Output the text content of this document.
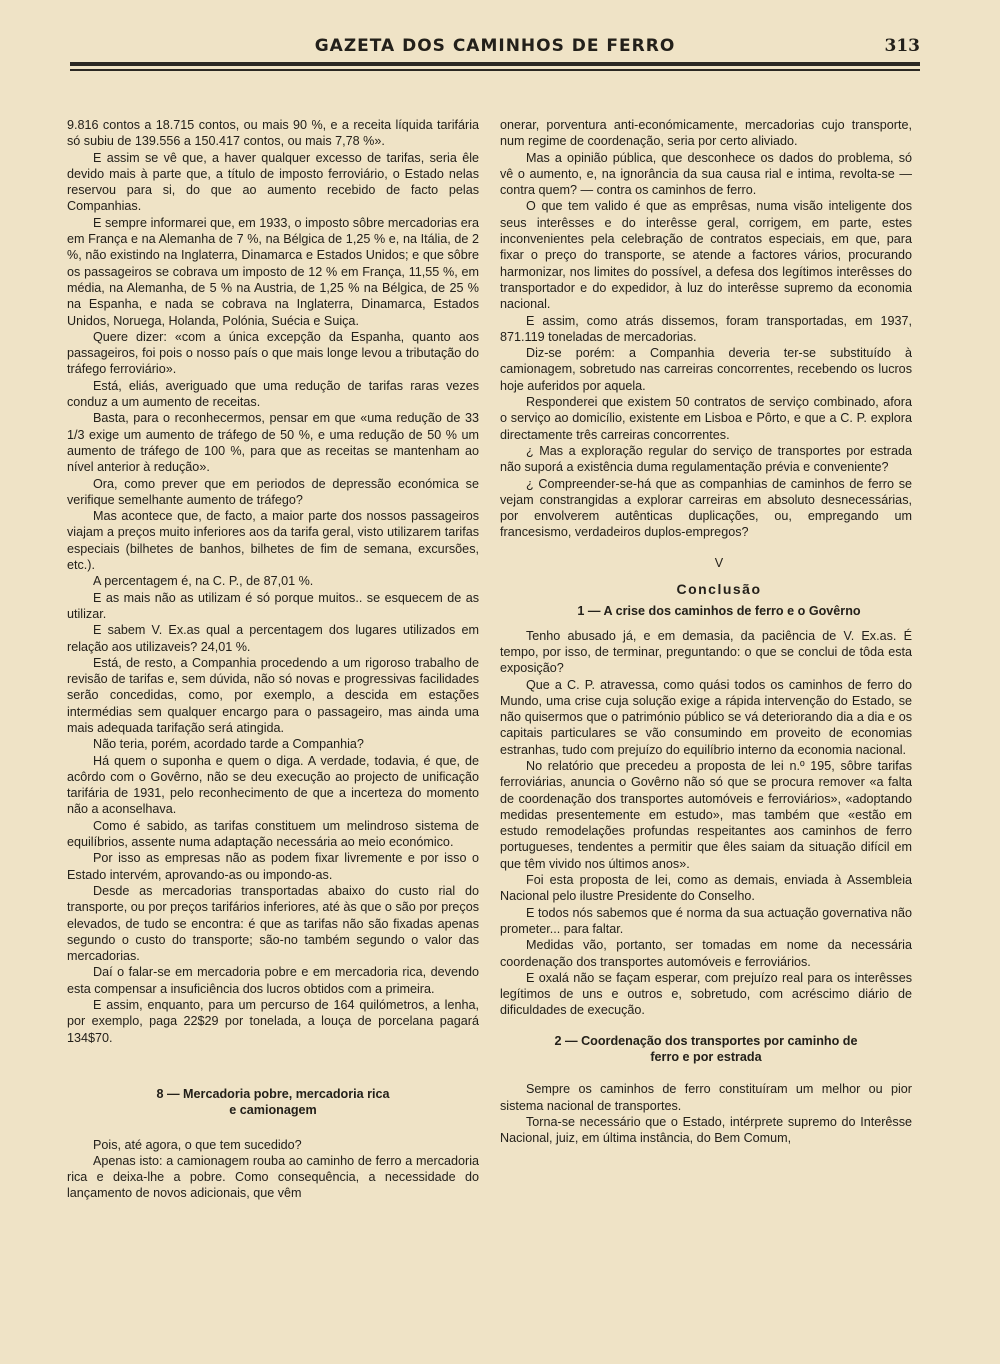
GAZETA DOS CAMINHOS DE FERRO	313

9.816 contos a 18.715 contos, ou mais 90 %, e a receita líquida tarifária só subiu de 139.556 a 150.417 contos, ou mais 7,78 %».

E assim se vê que, a haver qualquer excesso de tarifas, seria êle devido mais à parte que, a título de imposto ferroviário, o Estado nelas reservou para si, do que ao aumento recebido de facto pelas Companhias.

E sempre informarei que, em 1933, o imposto sôbre mercadorias era em França e na Alemanha de 7 %, na Bélgica de 1,25 % e, na Itália, de 2 %, não existindo na Inglaterra, Dinamarca e Estados Unidos; e que sôbre os passageiros se cobrava um imposto de 12 % em França, 11,55 %, em média, na Alemanha, de 5 % na Austria, de 1,25 % na Bélgica, de 25 % na Espanha, e nada se cobrava na Inglaterra, Dinamarca, Estados Unidos, Noruega, Holanda, Polónia, Suécia e Suiça.

Quere dizer: «com a única excepção da Espanha, quanto aos passageiros, foi pois o nosso país o que mais longe levou a tributação do tráfego ferroviário».

Está, eliás, averiguado que uma redução de tarifas raras vezes conduz a um aumento de receitas.

Basta, para o reconhecermos, pensar em que «uma redução de 33 1/3 exige um aumento de tráfego de 50 %, e uma redução de 50 % um aumento de tráfego de 100 %, para que as receitas se mantenham ao nível anterior à redução».

Ora, como prever que em periodos de depressão económica se verifique semelhante aumento de tráfego?

Mas acontece que, de facto, a maior parte dos nossos passageiros viajam a preços muito inferiores aos da tarifa geral, visto utilizarem tarifas especiais (bilhetes de banhos, bilhetes de fim de semana, excursões, etc.).

A percentagem é, na C. P., de 87,01 %.

E as mais não as utilizam é só porque muitos.. se esquecem de as utilizar.

E sabem V. Ex.as qual a percentagem dos lugares utilizados em relação aos utilizaveis? 24,01 %.

Está, de resto, a Companhia procedendo a um rigoroso trabalho de revisão de tarifas e, sem dúvida, não só novas e progressivas facilidades serão concedidas, como, por exemplo, a descida em estações intermédias sem qualquer encargo para o passageiro, mas ainda uma mais adequada tarifação será atingida.

Não teria, porém, acordado tarde a Companhia?

Há quem o suponha e quem o diga. A verdade, todavia, é que, de acôrdo com o Govêrno, não se deu execução ao projecto de unificação tarifária de 1931, pelo reconhecimento de que a incerteza do momento não a aconselhava.

Como é sabido, as tarifas constituem um melindroso sistema de equilíbrios, assente numa adaptação necessária ao meio económico.

Por isso as empresas não as podem fixar livremente e por isso o Estado intervém, aprovando-as ou impondo-as.

Desde as mercadorias transportadas abaixo do custo rial do transporte, ou por preços tarifários inferiores, até às que o são por preços elevados, de tudo se encontra: é que as tarifas não são fixadas apenas segundo o custo do transporte; são-no também segundo o valor das mercadorias.

Daí o falar-se em mercadoria pobre e em mercadoria rica, devendo esta compensar a insuficiência dos lucros obtidos com a primeira.

E assim, enquanto, para um percurso de 164 quilómetros, a lenha, por exemplo, paga 22$29 por tonelada, a louça de porcelana pagará 134$70.

8 — Mercadoria pobre, mercadoria rica
e camionagem

Pois, até agora, o que tem sucedido?

Apenas isto: a camionagem rouba ao caminho de ferro a mercadoria rica e deixa-lhe a pobre. Como consequência, a necessidade do lançamento de novos adicionais, que vêm

onerar, porventura anti-económicamente, mercadorias cujo transporte, num regime de coordenação, seria por certo aliviado.

Mas a opinião pública, que desconhece os dados do problema, só vê o aumento, e, na ignorância da sua causa rial e intima, revolta-se — contra quem? — contra os caminhos de ferro.

O que tem valido é que as emprêsas, numa visão inteligente dos seus interêsses e do interêsse geral, corrigem, em parte, estes inconvenientes pela celebração de contratos especiais, em que, para fixar o preço do transporte, se atende a factores vários, procurando harmonizar, nos limites do possível, a defesa dos legítimos interêsses do transportador e do expedidor, à luz do interêsse supremo da economia nacional.

E assim, como atrás dissemos, foram transportadas, em 1937, 871.119 toneladas de mercadorias.

Diz-se porém: a Companhia deveria ter-se substituído à camionagem, sobretudo nas carreiras concorrentes, recebendo os lucros hoje auferidos por aquela.

Responderei que existem 50 contratos de serviço combinado, afora o serviço ao domicílio, existente em Lisboa e Pôrto, e que a C. P. explora directamente três carreiras concorrentes.

¿ Mas a exploração regular do serviço de transportes por estrada não suporá a existência duma regulamentação prévia e conveniente?

¿ Compreender-se-há que as companhias de caminhos de ferro se vejam constrangidas a explorar carreiras em absoluto desnecessárias, por envolverem autênticas duplicações, ou, empregando um francesismo, verdadeiros duplos-empregos?

V

Conclusão

1 — A crise dos caminhos de ferro e o Govêrno

Tenho abusado já, e em demasia, da paciência de V. Ex.as. É tempo, por isso, de terminar, preguntando: o que se conclui de tôda esta exposição?

Que a C. P. atravessa, como quási todos os caminhos de ferro do Mundo, uma crise cuja solução exige a rápida intervenção do Estado, se não quisermos que o património público se vá deteriorando dia a dia e os capitais particulares se vão consumindo em proveito de economias estranhas, tudo com prejuízo do equilíbrio interno da economia nacional.

No relatório que precedeu a proposta de lei n.º 195, sôbre tarifas ferroviárias, anuncia o Govêrno não só que se procura remover «a falta de coordenação dos transportes automóveis e ferroviários», «adoptando medidas presentemente em estudo», mas também que «estão em estudo remodelações profundas respeitantes aos caminhos de ferro portugueses, tendentes a permitir que êles saiam da situação difícil em que têm vivido nos últimos anos».

Foi esta proposta de lei, como as demais, enviada à Assembleia Nacional pelo ilustre Presidente do Conselho.

E todos nós sabemos que é norma da sua actuação governativa não prometer... para faltar.

Medidas vão, portanto, ser tomadas em nome da necessária coordenação dos transportes automóveis e ferroviários.

E oxalá não se façam esperar, com prejuízo real para os interêsses legítimos de uns e outros e, sobretudo, com acréscimo diário de dificuldades de execução.

2 — Coordenação dos transportes por caminho de
ferro e por estrada

Sempre os caminhos de ferro constituíram um melhor ou pior sistema nacional de transportes.

Torna-se necessário que o Estado, intérprete supremo do Interêsse Nacional, juiz, em última instância, do Bem Comum,
